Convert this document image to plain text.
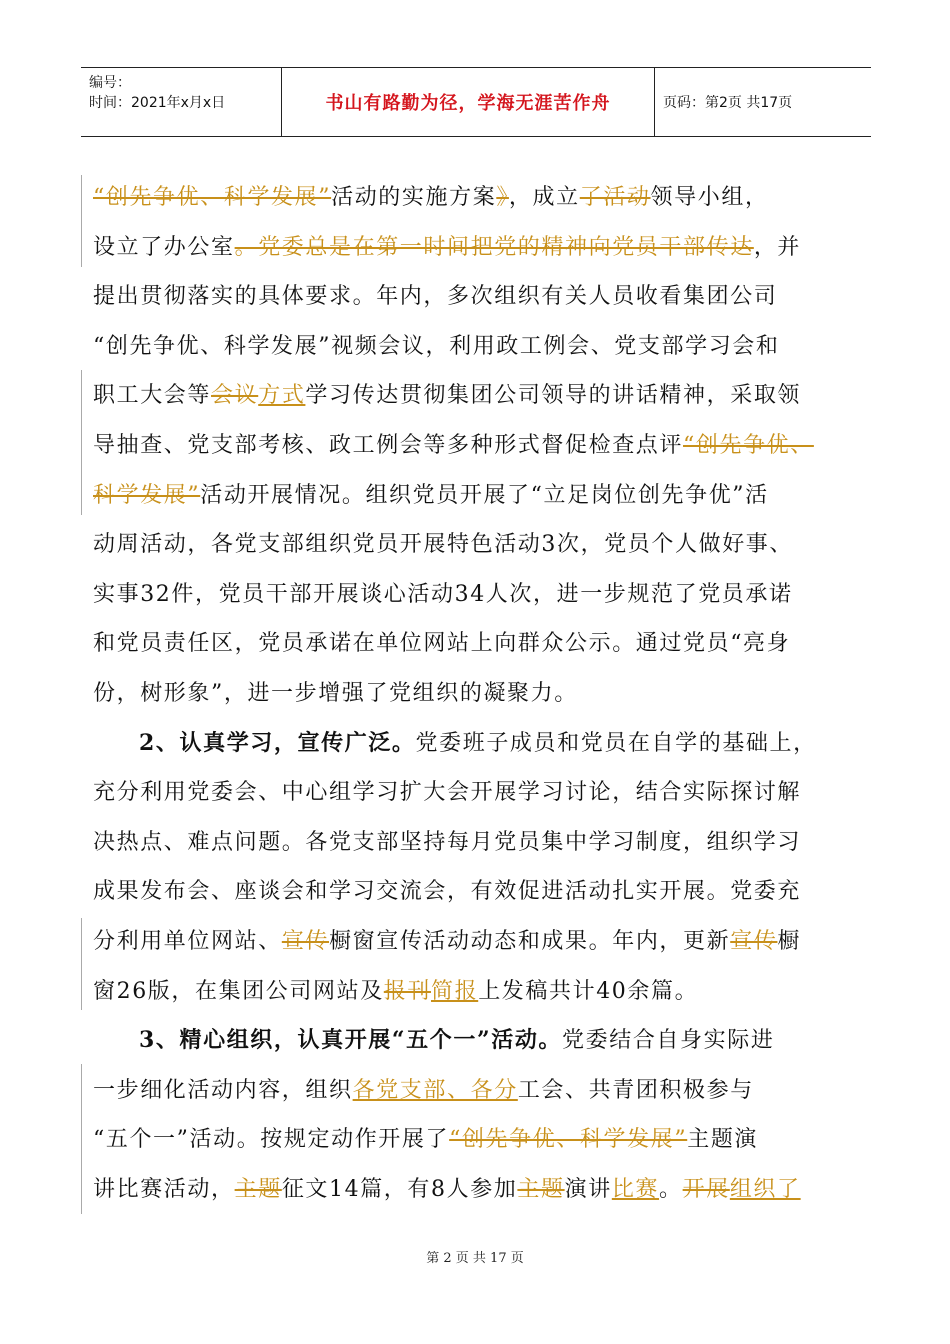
编号：
时间：2021年x月x日	书山有路勤为径，学海无涯苦作舟	页码：第2页 共17页
“创先争优、科学发展”活动的实施方案》，成立了活动领导小组，
设立了办公室。党委总是在第一时间把党的精神向党员干部传达，并
提出贯彻落实的具体要求。年内，多次组织有关人员收看集团公司
“创先争优、科学发展”视频会议，利用政工例会、党支部学习会和
职工大会等会议方式学习传达贯彻集团公司领导的讲话精神，采取领
导抽查、党支部考核、政工例会等多种形式督促检查点评“创先争优、
科学发展”活动开展情况。组织党员开展了“立足岗位创先争优”活
动周活动，各党支部组织党员开展特色活动3次，党员个人做好事、
实事32件，党员干部开展谈心活动34人次，进一步规范了党员承诺
和党员责任区，党员承诺在单位网站上向群众公示。通过党员“亮身
份，树形象”，进一步增强了党组织的凝聚力。
2、认真学习，宣传广泛。党委班子成员和党员在自学的基础上，
充分利用党委会、中心组学习扩大会开展学习讨论，结合实际探讨解
决热点、难点问题。各党支部坚持每月党员集中学习制度，组织学习
成果发布会、座谈会和学习交流会，有效促进活动扎实开展。党委充
分利用单位网站、宣传橱窗宣传活动动态和成果。年内，更新宣传橱
窗26版，在集团公司网站及报刊简报上发稿共计40余篇。
3、精心组织，认真开展“五个一”活动。党委结合自身实际进
一步细化活动内容，组织各党支部、各分工会、共青团积极参与
“五个一”活动。按规定动作开展了“创先争优、科学发展”主题演
讲比赛活动，主题征文14篇，有8人参加主题演讲比赛。开展组织了
第 2 页 共 17 页
